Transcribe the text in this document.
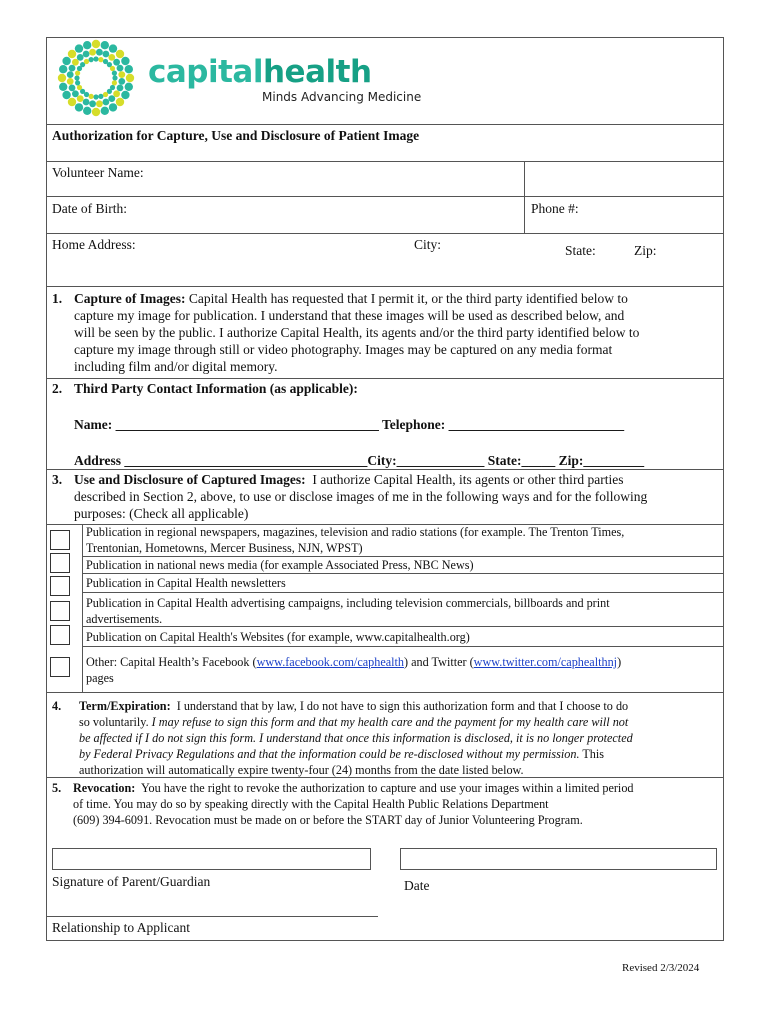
capitalhealth
Minds Advancing Medicine
Authorization for Capture, Use and Disclosure of Patient Image
Volunteer Name:
Date of Birth:	Phone #:
Home Address:	City:	State:	Zip:
1. Capture of Images: Capital Health has requested that I permit it, or the third party identified below to
capture my image for publication. I understand that these images will be used as described below, and
will be seen by the public. I authorize Capital Health, its agents and/or the third party identified below to
capture my image through still or video photography. Images may be captured on any media format
including film and/or digital memory.
2. Third Party Contact Information (as applicable):
Name: _______________________________________ Telephone: __________________________
Address ____________________________________City:_____________ State:_____ Zip:_________
3. Use and Disclosure of Captured Images: I authorize Capital Health, its agents or other third parties
described in Section 2, above, to use or disclose images of me in the following ways and for the following
purposes: (Check all applicable)
Publication in regional newspapers, magazines, television and radio stations (for example. The Trenton Times,
Trentonian, Hometowns, Mercer Business, NJN, WPST)
Publication in national news media (for example Associated Press, NBC News)
Publication in Capital Health newsletters
Publication in Capital Health advertising campaigns, including television commercials, billboards and print
advertisements.
Publication on Capital Health's Websites (for example, www.capitalhealth.org)
Other: Capital Health’s Facebook (www.facebook.com/caphealth) and Twitter (www.twitter.com/caphealthnj)
pages
4. Term/Expiration: I understand that by law, I do not have to sign this authorization form and that I choose to do
so voluntarily. I may refuse to sign this form and that my health care and the payment for my health care will not
be affected if I do not sign this form. I understand that once this information is disclosed, it is no longer protected
by Federal Privacy Regulations and that the information could be re-disclosed without my permission. This
authorization will automatically expire twenty-four (24) months from the date listed below.
5. Revocation: You have the right to revoke the authorization to capture and use your images within a limited period
of time. You may do so by speaking directly with the Capital Health Public Relations Department
(609) 394-6091. Revocation must be made on or before the START day of Junior Volunteering Program.
Signature of Parent/Guardian	Date
Relationship to Applicant
Revised 2/3/2024
